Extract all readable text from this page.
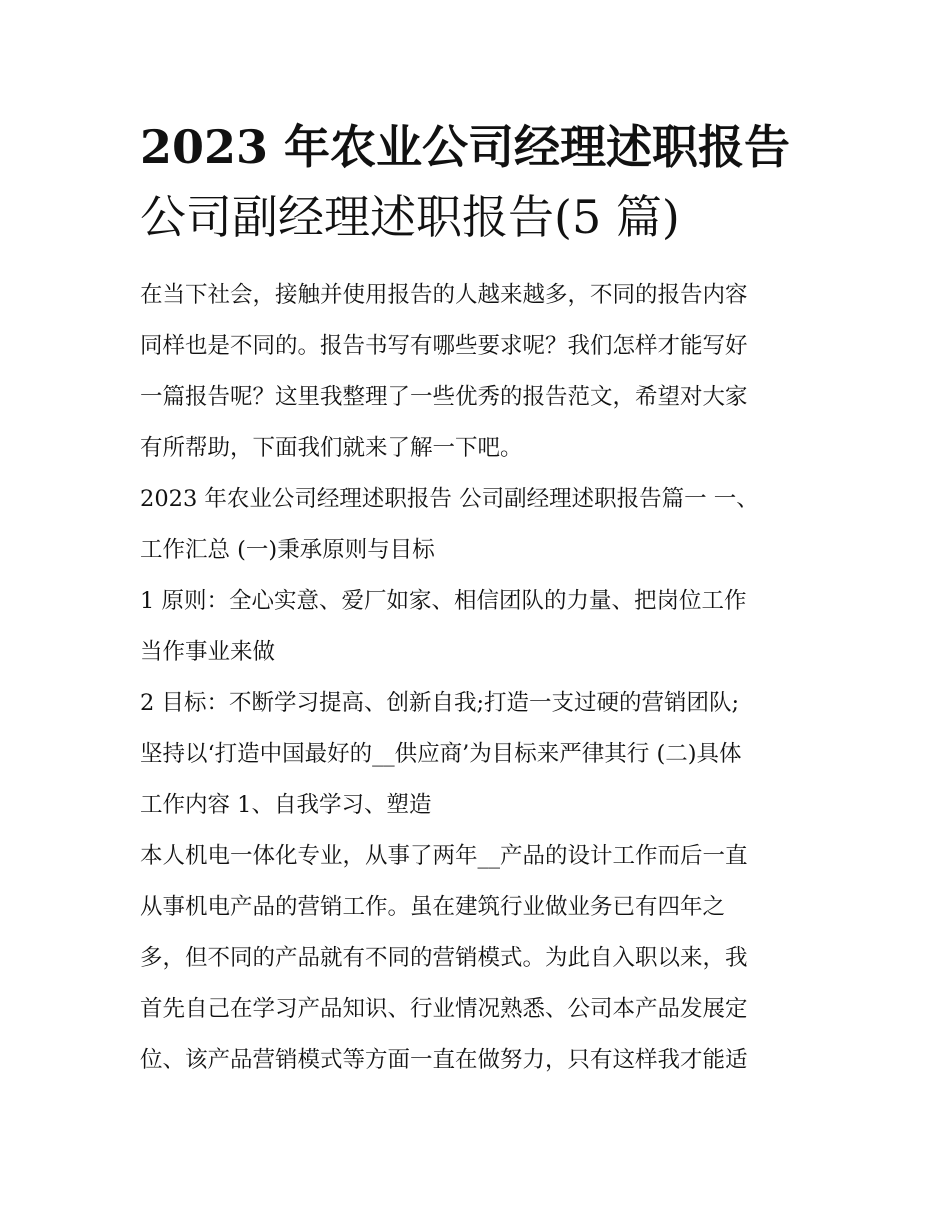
2023 年农业公司经理述职报告
公司副经理述职报告(5 篇)

在当下社会，接触并使用报告的人越来越多，不同的报告内容
同样也是不同的。报告书写有哪些要求呢？我们怎样才能写好
一篇报告呢？这里我整理了一些优秀的报告范文，希望对大家
有所帮助，下面我们就来了解一下吧。

2023 年农业公司经理述职报告 公司副经理述职报告篇一 一、
工作汇总 (一)秉承原则与目标

1 原则：全心实意、爱厂如家、相信团队的力量、把岗位工作
当作事业来做

2 目标：不断学习提高、创新自我;打造一支过硬的营销团队;
坚持以‘打造中国最好的__供应商’为目标来严律其行 (二)具体
工作内容 1、自我学习、塑造

本人机电一体化专业，从事了两年__产品的设计工作而后一直
从事机电产品的营销工作。虽在建筑行业做业务已有四年之
多，但不同的产品就有不同的营销模式。为此自入职以来，我
首先自己在学习产品知识、行业情况熟悉、公司本产品发展定
位、该产品营销模式等方面一直在做努力，只有这样我才能适
